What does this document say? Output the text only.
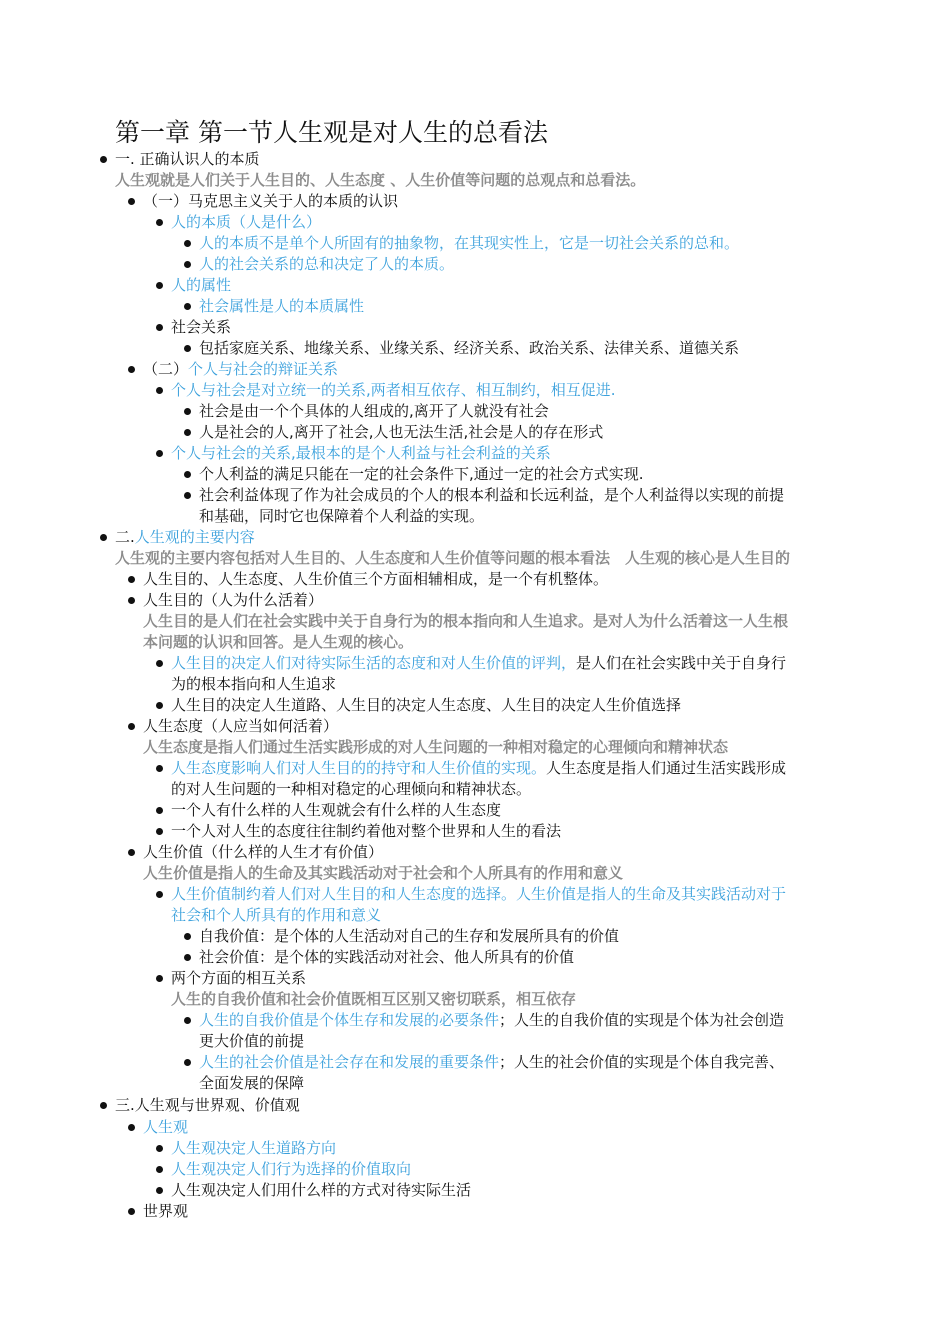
第一章 第一节人生观是对人生的总看法
一. 正确认识人的本质
人生观就是人们关于人生目的、人生态度 、人生价值等问题的总观点和总看法。
（一）马克思主义关于人的本质的认识
人的本质（人是什么）
人的本质不是单个人所固有的抽象物，在其现实性上，它是一切社会关系的总和。
人的社会关系的总和决定了人的本质。
人的属性
社会属性是人的本质属性
社会关系
包括家庭关系、地缘关系、业缘关系、经济关系、政治关系、法律关系、道德关系
（二）个人与社会的辩证关系
个人与社会是对立统一的关系,两者相互依存、相互制约，相互促进.
社会是由一个个具体的人组成的,离开了人就没有社会
人是社会的人,离开了社会,人也无法生活,社会是人的存在形式
个人与社会的关系,最根本的是个人利益与社会利益的关系
个人利益的满足只能在一定的社会条件下,通过一定的社会方式实现.
社会利益体现了作为社会成员的个人的根本利益和长远利益，是个人利益得以实现的前提
和基础，同时它也保障着个人利益的实现。
二.人生观的主要内容
人生观的主要内容包括对人生目的、人生态度和人生价值等问题的根本看法　人生观的核心是人生目的
人生目的、人生态度、人生价值三个方面相辅相成，是一个有机整体。
人生目的（人为什么活着）
人生目的是人们在社会实践中关于自身行为的根本指向和人生追求。是对人为什么活着这一人生根
本问题的认识和回答。是人生观的核心。
人生目的决定人们对待实际生活的态度和对人生价值的评判，是人们在社会实践中关于自身行
为的根本指向和人生追求
人生目的决定人生道路、人生目的决定人生态度、人生目的决定人生价值选择
人生态度（人应当如何活着）
人生态度是指人们通过生活实践形成的对人生问题的一种相对稳定的心理倾向和精神状态
人生态度影响人们对人生目的的持守和人生价值的实现。人生态度是指人们通过生活实践形成
的对人生问题的一种相对稳定的心理倾向和精神状态。
一个人有什么样的人生观就会有什么样的人生态度
一个人对人生的态度往往制约着他对整个世界和人生的看法
人生价值（什么样的人生才有价值）
人生价值是指人的生命及其实践活动对于社会和个人所具有的作用和意义
人生价值制约着人们对人生目的和人生态度的选择。人生价值是指人的生命及其实践活动对于
社会和个人所具有的作用和意义
自我价值：是个体的人生活动对自己的生存和发展所具有的价值
社会价值：是个体的实践活动对社会、他人所具有的价值
两个方面的相互关系
人生的自我价值和社会价值既相互区别又密切联系，相互依存
人生的自我价值是个体生存和发展的必要条件；人生的自我价值的实现是个体为社会创造
更大价值的前提
人生的社会价值是社会存在和发展的重要条件；人生的社会价值的实现是个体自我完善、
全面发展的保障
三.人生观与世界观、价值观
人生观
人生观决定人生道路方向
人生观决定人们行为选择的价值取向
人生观决定人们用什么样的方式对待实际生活
世界观
